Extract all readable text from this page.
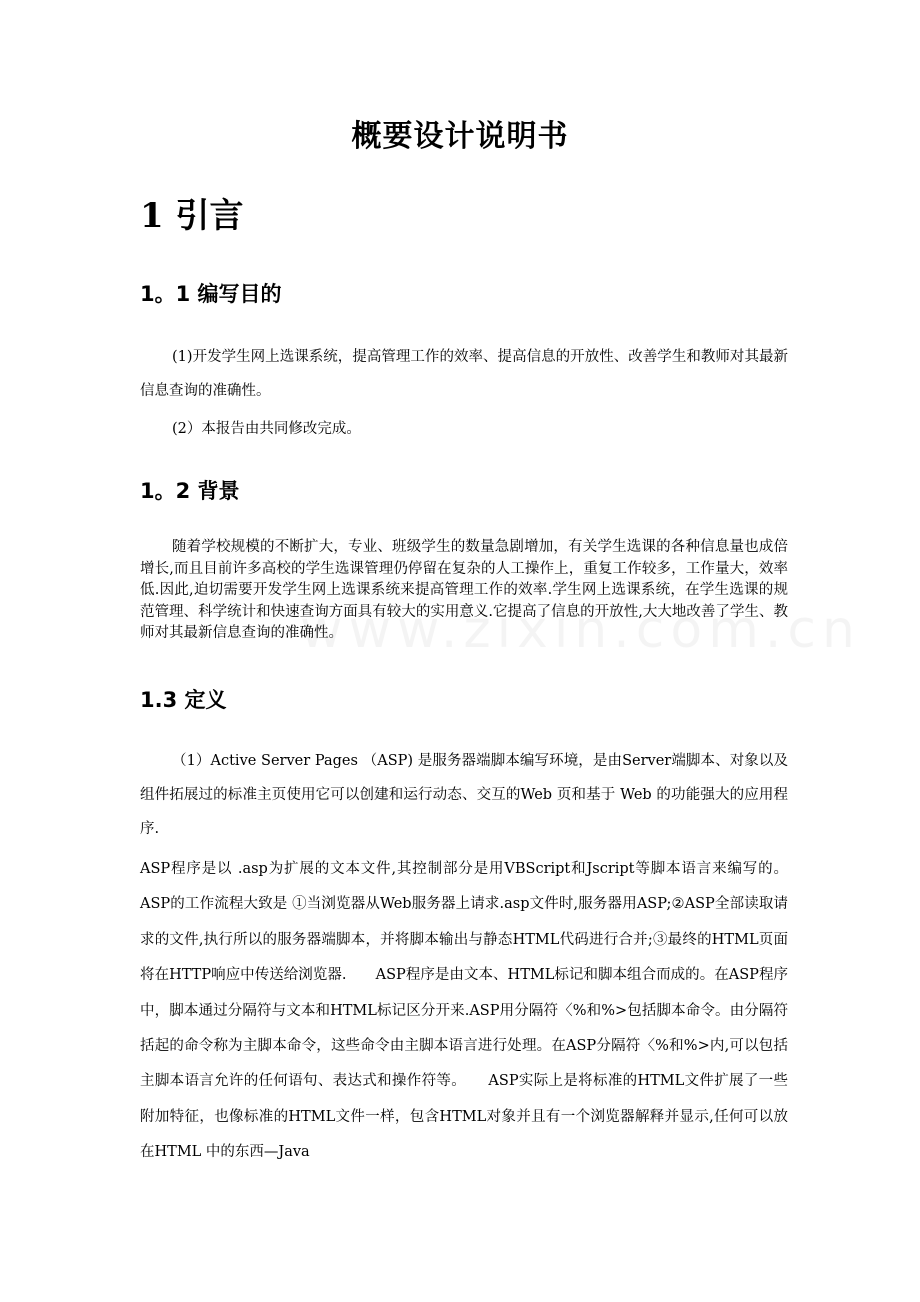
概要设计说明书
1 引言
1。1 编写目的

(1)开发学生网上选课系统，提高管理工作的效率、提高信息的开放性、改善学生和教师对其最新信息查询的准确性。

(2）本报告由共同修改完成。

1。2 背景

随着学校规模的不断扩大，专业、班级学生的数量急剧增加，有关学生选课的各种信息量也成倍增长,而且目前许多高校的学生选课管理仍停留在复杂的人工操作上，重复工作较多，工作量大，效率低.因此,迫切需要开发学生网上选课系统来提高管理工作的效率.学生网上选课系统，在学生选课的规范管理、科学统计和快速查询方面具有较大的实用意义.它提高了信息的开放性,大大地改善了学生、教师对其最新信息查询的准确性。

1.3 定义

（1）Active Server Pages （ASP) 是服务器端脚本编写环境，是由Server端脚本、对象以及组件拓展过的标准主页使用它可以创建和运行动态、交互的Web 页和基于 Web 的功能强大的应用程序.

ASP程序是以 .asp为扩展的文本文件,其控制部分是用VBScript和Jscript等脚本语言来编写的。ASP的工作流程大致是 ①当浏览器从Web服务器上请求.asp文件时,服务器用ASP;②ASP全部读取请求的文件,执行所以的服务器端脚本，并将脚本输出与静态HTML代码进行合并;③最终的HTML页面将在HTTP响应中传送给浏览器.　　ASP程序是由文本、HTML标记和脚本组合而成的。在ASP程序中，脚本通过分隔符与文本和HTML标记区分开来.ASP用分隔符〈%和%>包括脚本命令。由分隔符括起的命令称为主脚本命令，这些命令由主脚本语言进行处理。在ASP分隔符〈%和%>内,可以包括主脚本语言允许的任何语句、表达式和操作符等。　　ASP实际上是将标准的HTML文件扩展了一些附加特征，也像标准的HTML文件一样，包含HTML对象并且有一个浏览器解释并显示,任何可以放在HTML 中的东西—Java
